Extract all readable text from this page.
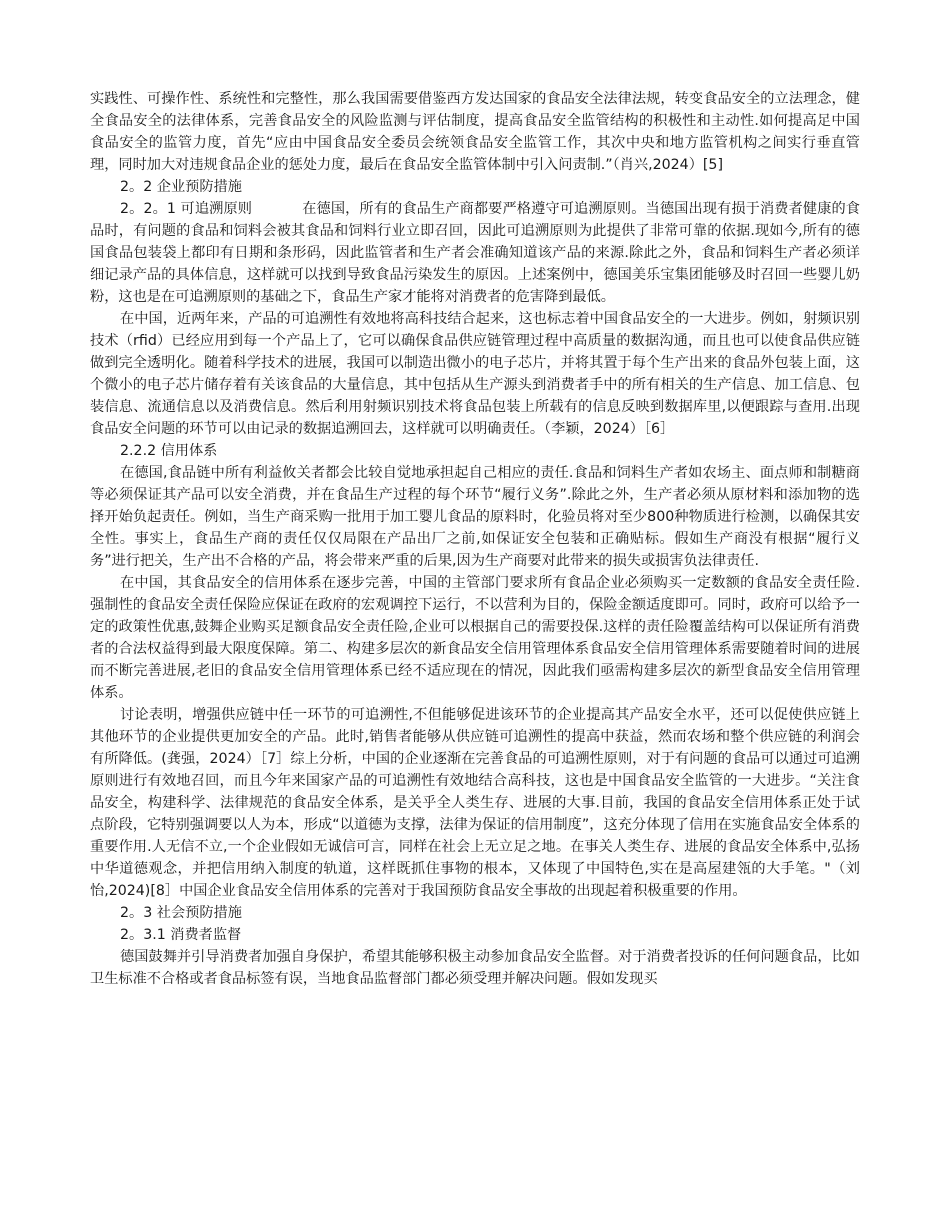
实践性、可操作性、系统性和完整性，那么我国需要借鉴西方发达国家的食品安全法律法规，转变食品安全的立法理念，健全食品安全的法律体系，完善食品安全的风险监测与评估制度，提高食品安全监管结构的积极性和主动性.如何提高足中国食品安全的监管力度，首先“应由中国食品安全委员会统领食品安全监管工作，其次中央和地方监管机构之间实行垂直管理，同时加大对违规食品企业的惩处力度，最后在食品安全监管体制中引入问责制.”（肖兴,2024）[5]

2。2 企业预防措施

2。2。1 可追溯原则	在德国，所有的食品生产商都要严格遵守可追溯原则。当德国出现有损于消费者健康的食品时，有问题的食品和饲料会被其食品和饲料行业立即召回，因此可追溯原则为此提供了非常可靠的依据.现如今,所有的德国食品包装袋上都印有日期和条形码，因此监管者和生产者会准确知道该产品的来源.除此之外，食品和饲料生产者必须详细记录产品的具体信息，这样就可以找到导致食品污染发生的原因。上述案例中，德国美乐宝集团能够及时召回一些婴儿奶粉，这也是在可追溯原则的基础之下，食品生产家才能将对消费者的危害降到最低。

在中国，近两年来，产品的可追溯性有效地将高科技结合起来，这也标志着中国食品安全的一大进步。例如，射频识别技术（rfid）已经应用到每一个产品上了，它可以确保食品供应链管理过程中高质量的数据沟通，而且也可以使食品供应链做到完全透明化。随着科学技术的进展，我国可以制造出微小的电子芯片，并将其置于每个生产出来的食品外包装上面，这个微小的电子芯片储存着有关该食品的大量信息，其中包括从生产源头到消费者手中的所有相关的生产信息、加工信息、包装信息、流通信息以及消费信息。然后利用射频识别技术将食品包装上所载有的信息反映到数据库里,以便跟踪与查用.出现食品安全问题的环节可以由记录的数据追溯回去，这样就可以明确责任。（李颖，2024）［6］

2.2.2 信用体系

在德国,食品链中所有利益攸关者都会比较自觉地承担起自己相应的责任.食品和饲料生产者如农场主、面点师和制糖商等必须保证其产品可以安全消费，并在食品生产过程的每个环节“履行义务”.除此之外，生产者必须从原材料和添加物的选择开始负起责任。例如，当生产商采购一批用于加工婴儿食品的原料时，化验员将对至少800种物质进行检测，以确保其安全性。事实上，食品生产商的责任仅仅局限在产品出厂之前,如保证安全包装和正确贴标。假如生产商没有根据“履行义务”进行把关，生产出不合格的产品，将会带来严重的后果,因为生产商要对此带来的损失或损害负法律责任.

在中国，其食品安全的信用体系在逐步完善，中国的主管部门要求所有食品企业必须购买一定数额的食品安全责任险.强制性的食品安全责任保险应保证在政府的宏观调控下运行，不以营利为目的，保险金额适度即可。同时，政府可以给予一定的政策性优惠,鼓舞企业购买足额食品安全责任险,企业可以根据自己的需要投保.这样的责任险覆盖结构可以保证所有消费者的合法权益得到最大限度保障。第二、构建多层次的新食品安全信用管理体系食品安全信用管理体系需要随着时间的进展而不断完善进展,老旧的食品安全信用管理体系已经不适应现在的情况，因此我们亟需构建多层次的新型食品安全信用管理体系。

讨论表明，增强供应链中任一环节的可追溯性,不但能够促进该环节的企业提高其产品安全水平，还可以促使供应链上其他环节的企业提供更加安全的产品。此时,销售者能够从供应链可追溯性的提高中获益，然而农场和整个供应链的利润会有所降低。(龚强，2024）［7］综上分析，中国的企业逐渐在完善食品的可追溯性原则，对于有问题的食品可以通过可追溯原则进行有效地召回，而且今年来国家产品的可追溯性有效地结合高科技，这也是中国食品安全监管的一大进步。“关注食品安全，构建科学、法律规范的食品安全体系，是关乎全人类生存、进展的大事.目前，我国的食品安全信用体系正处于试点阶段，它特别强调要以人为本，形成“以道德为支撑，法律为保证的信用制度”，这充分体现了信用在实施食品安全体系的重要作用.人无信不立,一个企业假如无诚信可言，同样在社会上无立足之地。在事关人类生存、进展的食品安全体系中,弘扬中华道德观念，并把信用纳入制度的轨道，这样既抓住事物的根本，又体现了中国特色,实在是高屋建瓴的大手笔。"（刘怡,2024)[8］中国企业食品安全信用体系的完善对于我国预防食品安全事故的出现起着积极重要的作用。

2。3 社会预防措施

2。3.1 消费者监督

德国鼓舞并引导消费者加强自身保护，希望其能够积极主动参加食品安全监督。对于消费者投诉的任何问题食品，比如卫生标准不合格或者食品标签有误，当地食品监督部门都必须受理并解决问题。假如发现买
